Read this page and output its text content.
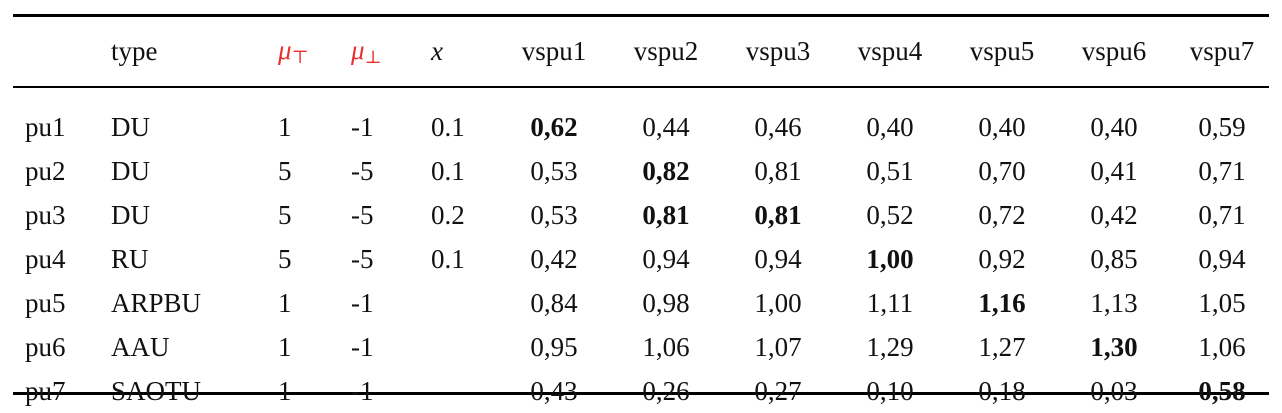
	type	$\mu_⊤$	$\mu_\perp$	x	vspu1	vspu2	vspu3	vspu4	vspu5	vspu6	vspu7

pu1	DU	1	-1	0.1	0,62	0,44	0,46	0,40	0,40	0,40	0,59
pu2	DU	5	-5	0.1	0,53	0,82	0,81	0,51	0,70	0,41	0,71
pu3	DU	5	-5	0.2	0,53	0,81	0,81	0,52	0,72	0,42	0,71
pu4	RU	5	-5	0.1	0,42	0,94	0,94	1,00	0,92	0,85	0,94
pu5	ARPBU	1	-1		0,84	0,98	1,00	1,11	1,16	1,13	1,05
pu6	AAU	1	-1		0,95	1,06	1,07	1,29	1,27	1,30	1,06
pu7	SAOTU	1	-1		0,43	0,26	0,27	0,10	0,18	0,03	0,58
